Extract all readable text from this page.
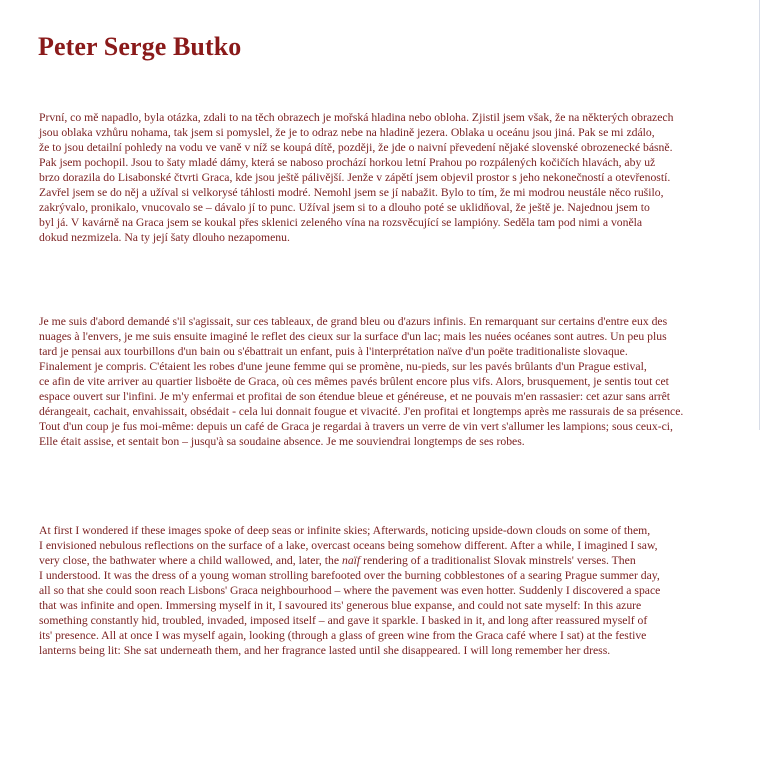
Peter Serge Butko

První, co mě napadlo, byla otázka, zdali to na těch obrazech je mořská hladina nebo obloha. Zjistil jsem však, že na některých obrazech
jsou oblaka vzhůru nohama, tak jsem si pomyslel, že je to odraz nebe na hladině jezera. Oblaka u oceánu jsou jiná. Pak se mi zdálo,
že to jsou detailní pohledy na vodu ve vaně v níž se koupá dítě, později, že jde o naivní převedení nějaké slovenské obrozenecké básně.
Pak jsem pochopil. Jsou to šaty mladé dámy, která se naboso prochází horkou letní Prahou po rozpálených kočičích hlavách, aby už
brzo dorazila do Lisabonské čtvrti Graca, kde jsou ještě pálivější. Jenže v zápětí jsem objevil prostor s jeho nekonečností a otevřeností.
Zavřel jsem se do něj a užíval si velkorysé táhlosti modré. Nemohl jsem se jí nabažit. Bylo to tím, že mi modrou neustále něco rušilo,
zakrývalo, pronikalo, vnucovalo se – dávalo jí to punc. Užíval jsem si to a dlouho poté se uklidňoval, že ještě je. Najednou jsem to
byl já. V kavárně na Graca jsem se koukal přes sklenici zeleného vína na rozsvěcující se lampióny. Seděla tam pod nimi a voněla
dokud nezmizela. Na ty její šaty dlouho nezapomenu.

Je me suis d'abord demandé s'il s'agissait, sur ces tableaux, de grand bleu ou d'azurs infinis. En remarquant sur certains d'entre eux des
nuages à l'envers, je me suis ensuite imaginé le reflet des cieux sur la surface d'un lac; mais les nuées océanes sont autres. Un peu plus
tard je pensai aux tourbillons d'un bain ou s'ébattrait un enfant, puis à l'interprétation naïve d'un poëte traditionaliste slovaque.
Finalement je compris. C'étaient les robes d'une jeune femme qui se promène, nu-pieds, sur les pavés brûlants d'un Prague estival,
ce afin de vite arriver au quartier lisboëte de Graca, où ces mêmes pavés brûlent encore plus vifs. Alors, brusquement, je sentis tout cet
espace ouvert sur l'infini. Je m'y enfermai et profitai de son étendue bleue et généreuse, et ne pouvais m'en rassasier: cet azur sans arrêt
dérangeait, cachait, envahissait, obsédait - cela lui donnait fougue et vivacité. J'en profitai et longtemps après me rassurais de sa présence.
Tout d'un coup je fus moi-même: depuis un café de Graca je regardai à travers un verre de vin vert s'allumer les lampions; sous ceux-ci,
Elle était assise, et sentait bon – jusqu'à sa soudaine absence. Je me souviendrai longtemps de ses robes.

At first I wondered if these images spoke of deep seas or infinite skies; Afterwards, noticing upside-down clouds on some of them,
I envisioned nebulous reflections on the surface of a lake, overcast oceans being somehow different. After a while, I imagined I saw,
very close, the bathwater where a child wallowed, and, later, the naïf rendering of a traditionalist Slovak minstrels' verses. Then
I understood. It was the dress of a young woman strolling barefooted over the burning cobblestones of a searing Prague summer day,
all so that she could soon reach Lisbons' Graca neighbourhood – where the pavement was even hotter. Suddenly I discovered a space
that was infinite and open. Immersing myself in it, I savoured its' generous blue expanse, and could not sate myself: In this azure
something constantly hid, troubled, invaded, imposed itself – and gave it sparkle. I basked in it, and long after reassured myself of
its' presence. All at once I was myself again, looking (through a glass of green wine from the Graca café where I sat) at the festive
lanterns being lit: She sat underneath them, and her fragrance lasted until she disappeared. I will long remember her dress.
